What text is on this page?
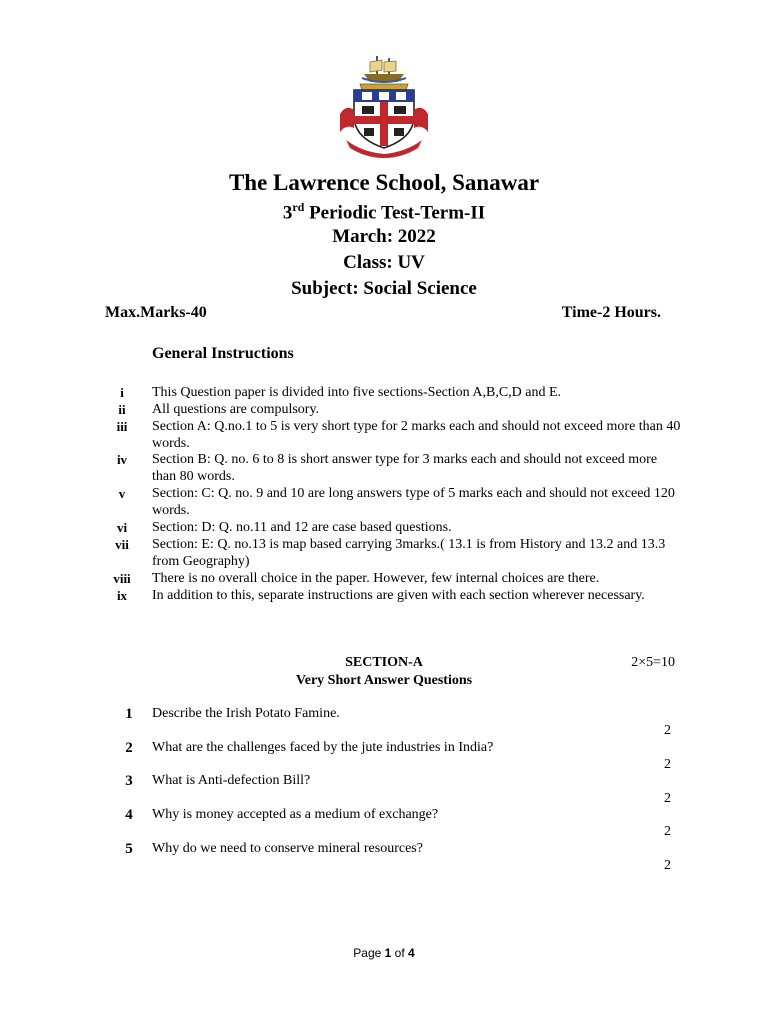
The Lawrence School, Sanawar
3rd Periodic Test-Term-II
March: 2022
Class: UV
Subject: Social Science
Max.Marks-40	Time-2 Hours.
General Instructions
i	This Question paper is divided into five sections-Section A,B,C,D and E.
ii	All questions are compulsory.
iii	Section A: Q.no.1 to 5 is very short type for 2 marks each and should not exceed more than 40 words.
iv	Section B: Q. no. 6 to 8 is short answer type for 3 marks each and should not exceed more than 80 words.
v	Section: C: Q. no. 9 and 10 are long answers type of 5 marks each and should not exceed 120 words.
vi	Section: D: Q. no.11 and 12 are case based questions.
vii	Section: E: Q. no.13 is map based carrying 3marks.( 13.1 is from History and 13.2 and 13.3 from Geography)
viii	There is no overall choice in the paper. However, few internal choices are there.
ix	In addition to this, separate instructions are given with each section wherever necessary.
SECTION-A	2×5=10
Very Short Answer Questions
1	Describe the Irish Potato Famine.
2
2	What are the challenges faced by the jute industries in India?
2
3	What is Anti-defection Bill?
2
4	Why is money accepted as a medium of exchange?
2
5	Why do we need to conserve mineral resources?
2
Page 1 of 4
